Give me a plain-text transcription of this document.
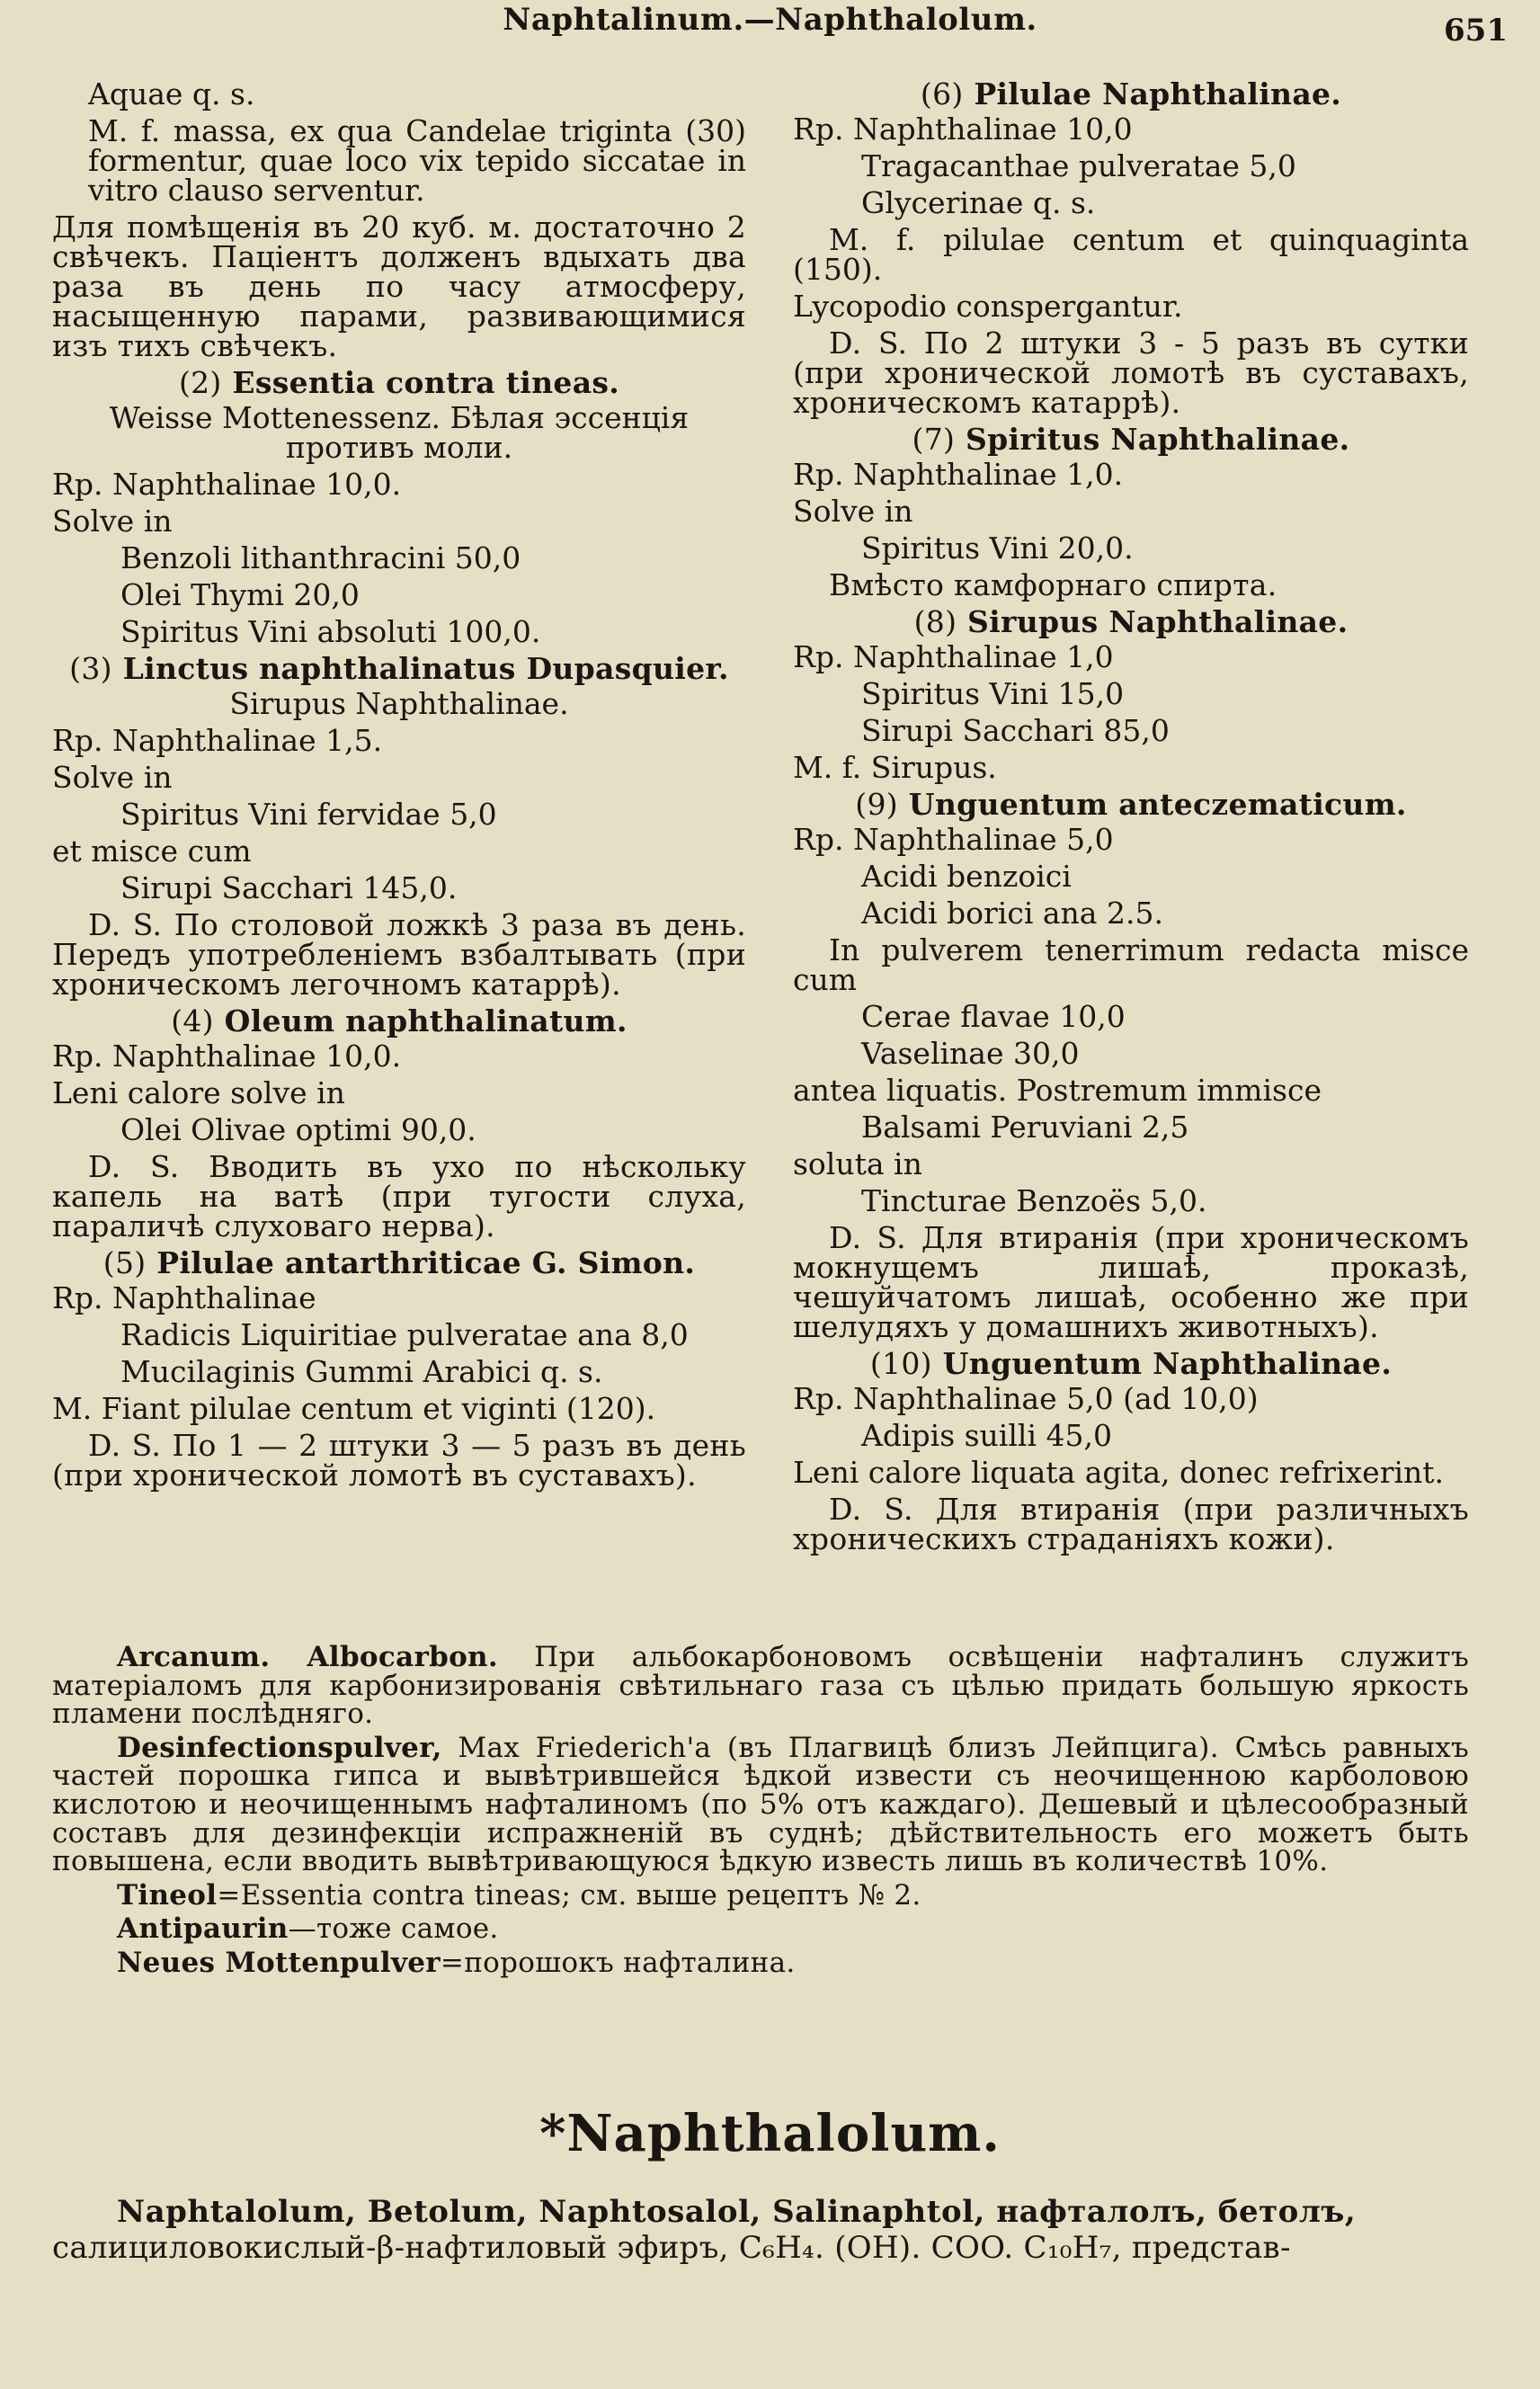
Naphtalinum.—Naphthalolum.	651

Aquae q. s.

M. f. massa, ex qua Candelae triginta (30) formentur, quae loco vix tepido siccatae in vitro clauso serventur.

Для помѣщенія въ 20 куб. м. достаточно 2 свѣчекъ. Паціентъ долженъ вдыхать два раза въ день по часу атмосферу, насыщенную парами, развивающимися изъ тихъ свѣчекъ.

(2) Essentia contra tineas.

Weisse Mottenessenz. Бѣлая эссенція противъ моли.

Rp. Naphthalinae 10,0.

Solve in

Benzoli lithanthracini 50,0

Olei Thymi 20,0

Spiritus Vini absoluti 100,0.

(3) Linctus naphthalinatus Dupasquier.

Sirupus Naphthalinae.

Rp. Naphthalinae 1,5.

Solve in

Spiritus Vini fervidae 5,0

et misce cum

Sirupi Sacchari 145,0.

D. S. По столовой ложкѣ 3 раза въ день. Передъ употребленіемъ взбалтывать (при хроническомъ легочномъ катаррѣ).

(4) Oleum naphthalinatum.

Rp. Naphthalinae 10,0.

Leni calore solve in

Olei Olivae optimi 90,0.

D. S. Вводить въ ухо по нѣскольку капель на ватѣ (при тугости слуха, параличѣ слуховаго нерва).

(5) Pilulae antarthriticae G. Simon.

Rp. Naphthalinae

Radicis Liquiritiae pulveratae ana 8,0

Mucilaginis Gummi Arabici q. s.

M. Fiant pilulae centum et viginti (120).

D. S. По 1 — 2 штуки 3 — 5 разъ въ день (при хронической ломотѣ въ суставахъ).

(6) Pilulae Naphthalinae.

Rp. Naphthalinae 10,0

Tragacanthae pulveratae 5,0

Glycerinae q. s.

M. f. pilulae centum et quinquaginta (150).

Lycopodio conspergantur.

D. S. По 2 штуки 3 - 5 разъ въ сутки (при хронической ломотѣ въ суставахъ, хроническомъ катаррѣ).

(7) Spiritus Naphthalinae.

Rp. Naphthalinae 1,0.

Solve in

Spiritus Vini 20,0.

Вмѣсто камфорнаго спирта.

(8) Sirupus Naphthalinae.

Rp. Naphthalinae 1,0

Spiritus Vini 15,0

Sirupi Sacchari 85,0

M. f. Sirupus.

(9) Unguentum anteczematicum.

Rp. Naphthalinae 5,0

Acidi benzoici

Acidi borici ana 2.5.

In pulverem tenerrimum redacta misce cum

Cerae flavae 10,0

Vaselinae 30,0

antea liquatis. Postremum immisce

Balsami Peruviani 2,5

soluta in

Tincturae Benzoës 5,0.

D. S. Для втиранія (при хроническомъ мокнущемъ лишаѣ, проказѣ, чешуйчатомъ лишаѣ, особенно же при шелудяхъ у домашнихъ животныхъ).

(10) Unguentum Naphthalinae.

Rp. Naphthalinae 5,0 (ad 10,0)

Adipis suilli 45,0

Leni calore liquata agita, donec refrixerint.

D. S. Для втиранія (при различныхъ хроническихъ страданіяхъ кожи).

Arcanum. Albocarbon. При альбокарбоновомъ освѣщеніи нафталинъ служитъ матеріаломъ для карбонизированія свѣтильнаго газа съ цѣлью придать большую яркость пламени послѣдняго.

Desinfectionspulver, Max Friederich'a (въ Плагвицѣ близъ Лейпцига). Смѣсь равныхъ частей порошка гипса и вывѣтрившейся ѣдкой извести съ неочищенною карболовою кислотою и неочищеннымъ нафталиномъ (по 5% отъ каждаго). Дешевый и цѣлесообразный составъ для дезинфекціи испражненій въ суднѣ; дѣйствительность его можетъ быть повышена, если вводить вывѣтривающуюся ѣдкую известь лишь въ количествѣ 10%.

Tineol=Essentia contra tineas; см. выше рецептъ № 2.

Antipaurin—тоже самое.

Neues Mottenpulver=порошокъ нафталина.

*Naphthalolum.
Naphtalolum, Betolum, Naphtosalol, Salinaphtol, нафталолъ, бетолъ,
салициловокислый-β-нафтиловый эфиръ, C₆H₄. (OH). COO. C₁₀H₇, представ-
